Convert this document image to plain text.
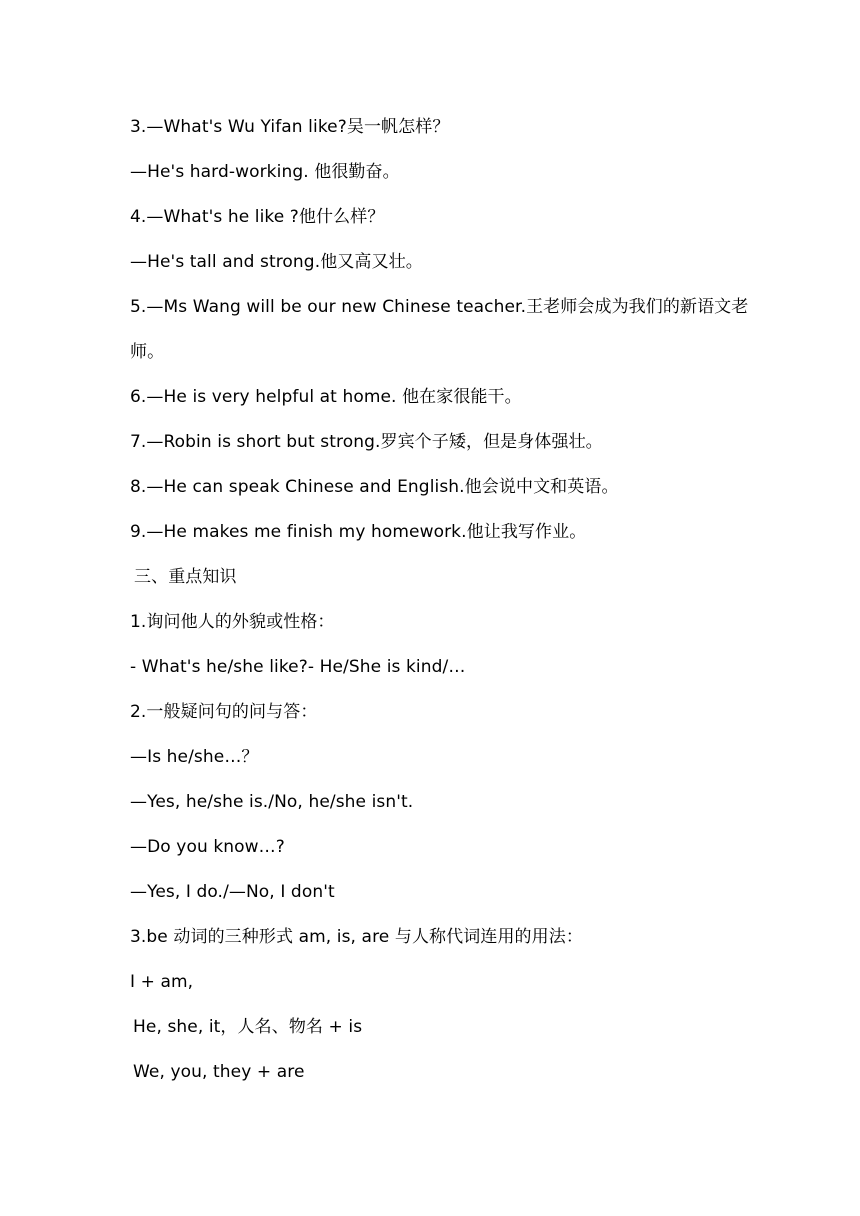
3.—What's Wu Yifan like?吴一帆怎样？
—He's hard-working. 他很勤奋。
4.—What's he like ?他什么样？
—He's tall and strong.他又高又壮。
5.—Ms Wang will be our new Chinese teacher.王老师会成为我们的新语文老师。
6.—He is very helpful at home. 他在家很能干。
7.—Robin is short but strong.罗宾个子矮，但是身体强壮。
8.—He can speak Chinese and English.他会说中文和英语。
9.—He makes me finish my homework.他让我写作业。
三、重点知识
1.询问他人的外貌或性格：
- What's he/she like?- He/She is kind/…
2.一般疑问句的问与答：
—Is he/she…？
—Yes, he/she is./No, he/she isn't.
—Do you know…?
—Yes, I do./—No, I don't
3.be 动词的三种形式 am, is, are 与人称代词连用的用法：
I + am,
He, she, it，人名、物名 + is
We, you, they + are
